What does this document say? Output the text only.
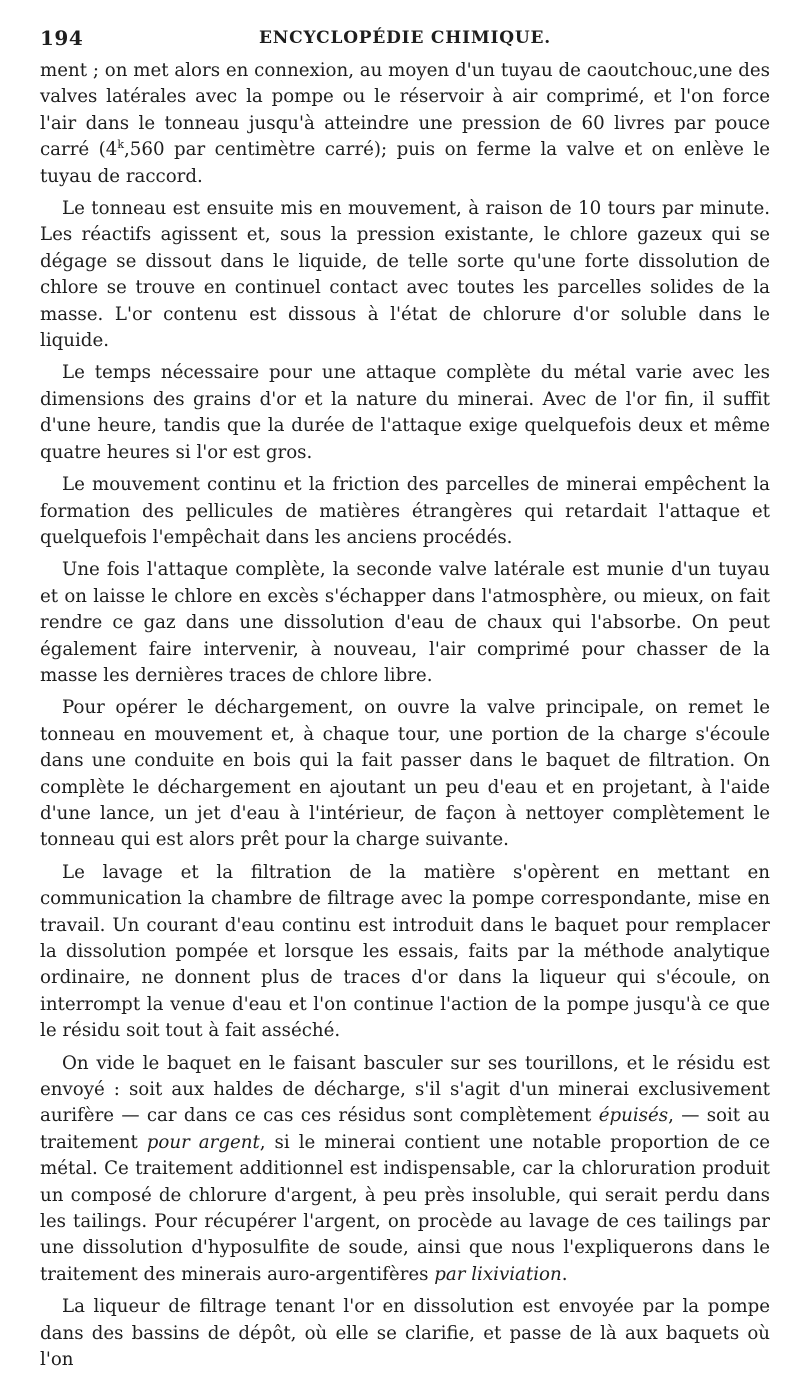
194	ENCYCLOPÉDIE CHIMIQUE.

ment ; on met alors en connexion, au moyen d'un tuyau de caoutchouc,une des valves latérales avec la pompe ou le réservoir à air comprimé, et l'on force l'air dans le tonneau jusqu'à atteindre une pression de 60 livres par pouce carré (4$^k$,560 par centimètre carré); puis on ferme la valve et on enlève le tuyau de raccord.

Le tonneau est ensuite mis en mouvement, à raison de 10 tours par minute. Les réactifs agissent et, sous la pression existante, le chlore gazeux qui se dégage se dissout dans le liquide, de telle sorte qu'une forte dissolution de chlore se trouve en continuel contact avec toutes les parcelles solides de la masse. L'or contenu est dissous à l'état de chlorure d'or soluble dans le liquide.

Le temps nécessaire pour une attaque complète du métal varie avec les dimensions des grains d'or et la nature du minerai. Avec de l'or fin, il suffit d'une heure, tandis que la durée de l'attaque exige quelquefois deux et même quatre heures si l'or est gros.

Le mouvement continu et la friction des parcelles de minerai empêchent la formation des pellicules de matières étrangères qui retardait l'attaque et quelquefois l'empêchait dans les anciens procédés.

Une fois l'attaque complète, la seconde valve latérale est munie d'un tuyau et on laisse le chlore en excès s'échapper dans l'atmosphère, ou mieux, on fait rendre ce gaz dans une dissolution d'eau de chaux qui l'absorbe. On peut également faire intervenir, à nouveau, l'air comprimé pour chasser de la masse les dernières traces de chlore libre.

Pour opérer le déchargement, on ouvre la valve principale, on remet le tonneau en mouvement et, à chaque tour, une portion de la charge s'écoule dans une conduite en bois qui la fait passer dans le baquet de filtration. On complète le déchargement en ajoutant un peu d'eau et en projetant, à l'aide d'une lance, un jet d'eau à l'intérieur, de façon à nettoyer complètement le tonneau qui est alors prêt pour la charge suivante.

Le lavage et la filtration de la matière s'opèrent en mettant en communication la chambre de filtrage avec la pompe correspondante, mise en travail. Un courant d'eau continu est introduit dans le baquet pour remplacer la dissolution pompée et lorsque les essais, faits par la méthode analytique ordinaire, ne donnent plus de traces d'or dans la liqueur qui s'écoule, on interrompt la venue d'eau et l'on continue l'action de la pompe jusqu'à ce que le résidu soit tout à fait asséché.

On vide le baquet en le faisant basculer sur ses tourillons, et le résidu est envoyé : soit aux haldes de décharge, s'il s'agit d'un minerai exclusivement aurifère — car dans ce cas ces résidus sont complètement épuisés, — soit au traitement pour argent, si le minerai contient une notable proportion de ce métal. Ce traitement additionnel est indispensable, car la chloruration produit un composé de chlorure d'argent, à peu près insoluble, qui serait perdu dans les tailings. Pour récupérer l'argent, on procède au lavage de ces tailings par une dissolution d'hyposulfite de soude, ainsi que nous l'expliquerons dans le traitement des minerais auro-argentifères par lixiviation.

La liqueur de filtrage tenant l'or en dissolution est envoyée par la pompe dans des bassins de dépôt, où elle se clarifie, et passe de là aux baquets où l'on
